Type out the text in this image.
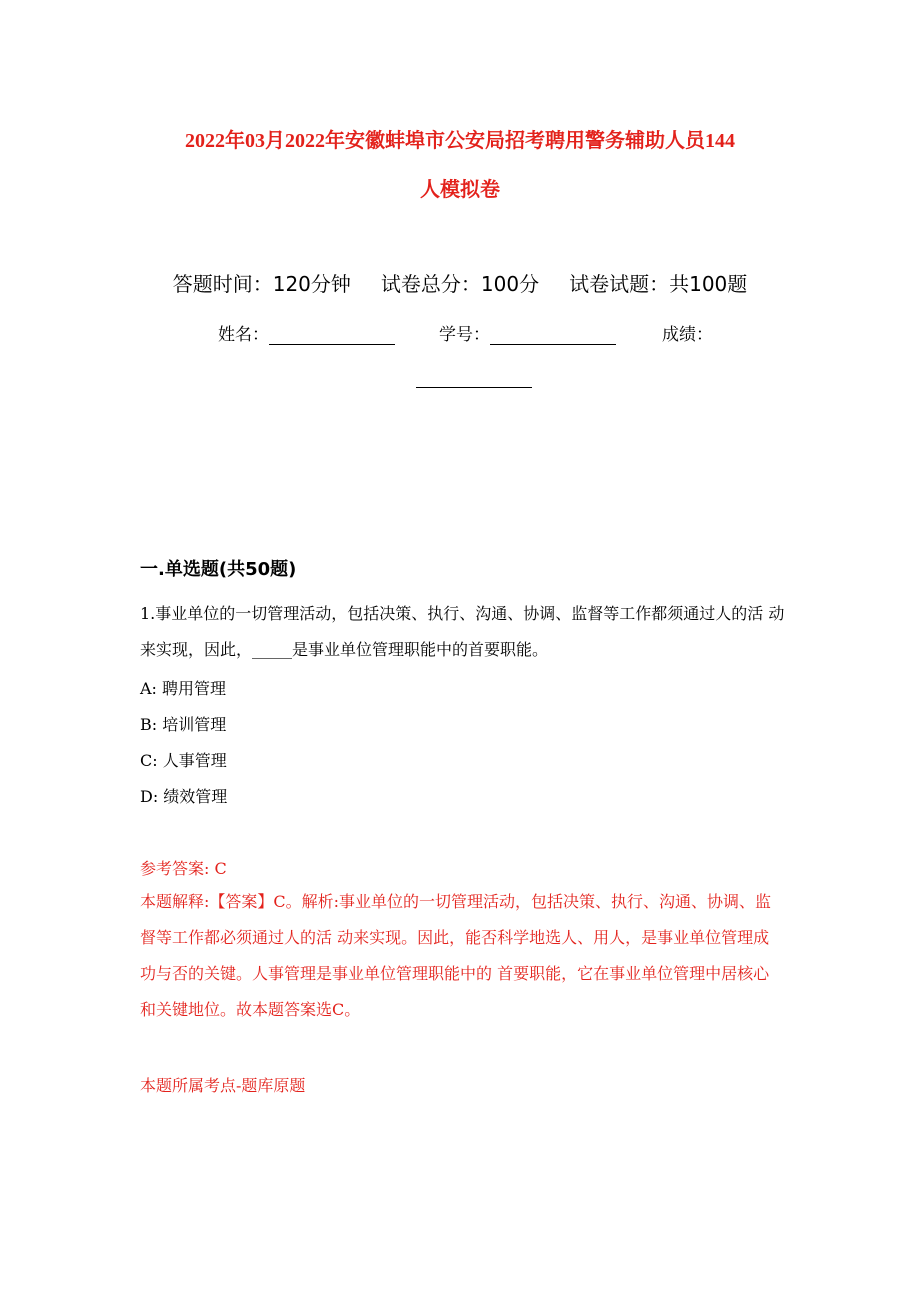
2022年03月2022年安徽蚌埠市公安局招考聘用警务辅助人员144
人模拟卷
答题时间：120分钟 试卷总分：100分 试卷试题：共100题
姓名：	学号：	成绩：
一.单选题(共50题)
1.事业单位的一切管理活动，包括决策、执行、沟通、协调、监督等工作都须通过人的活 动来实现，因此，_____是事业单位管理职能中的首要职能。
A: 聘用管理
B: 培训管理
C: 人事管理
D: 绩效管理
参考答案: C
本题解释:【答案】C。解析:事业单位的一切管理活动，包括决策、执行、沟通、协调、监督等工作都必须通过人的活 动来实现。因此，能否科学地选人、用人，是事业单位管理成功与否的关键。人事管理是事业单位管理职能中的 首要职能，它在事业单位管理中居核心和关键地位。故本题答案选C。
本题所属考点-题库原题
